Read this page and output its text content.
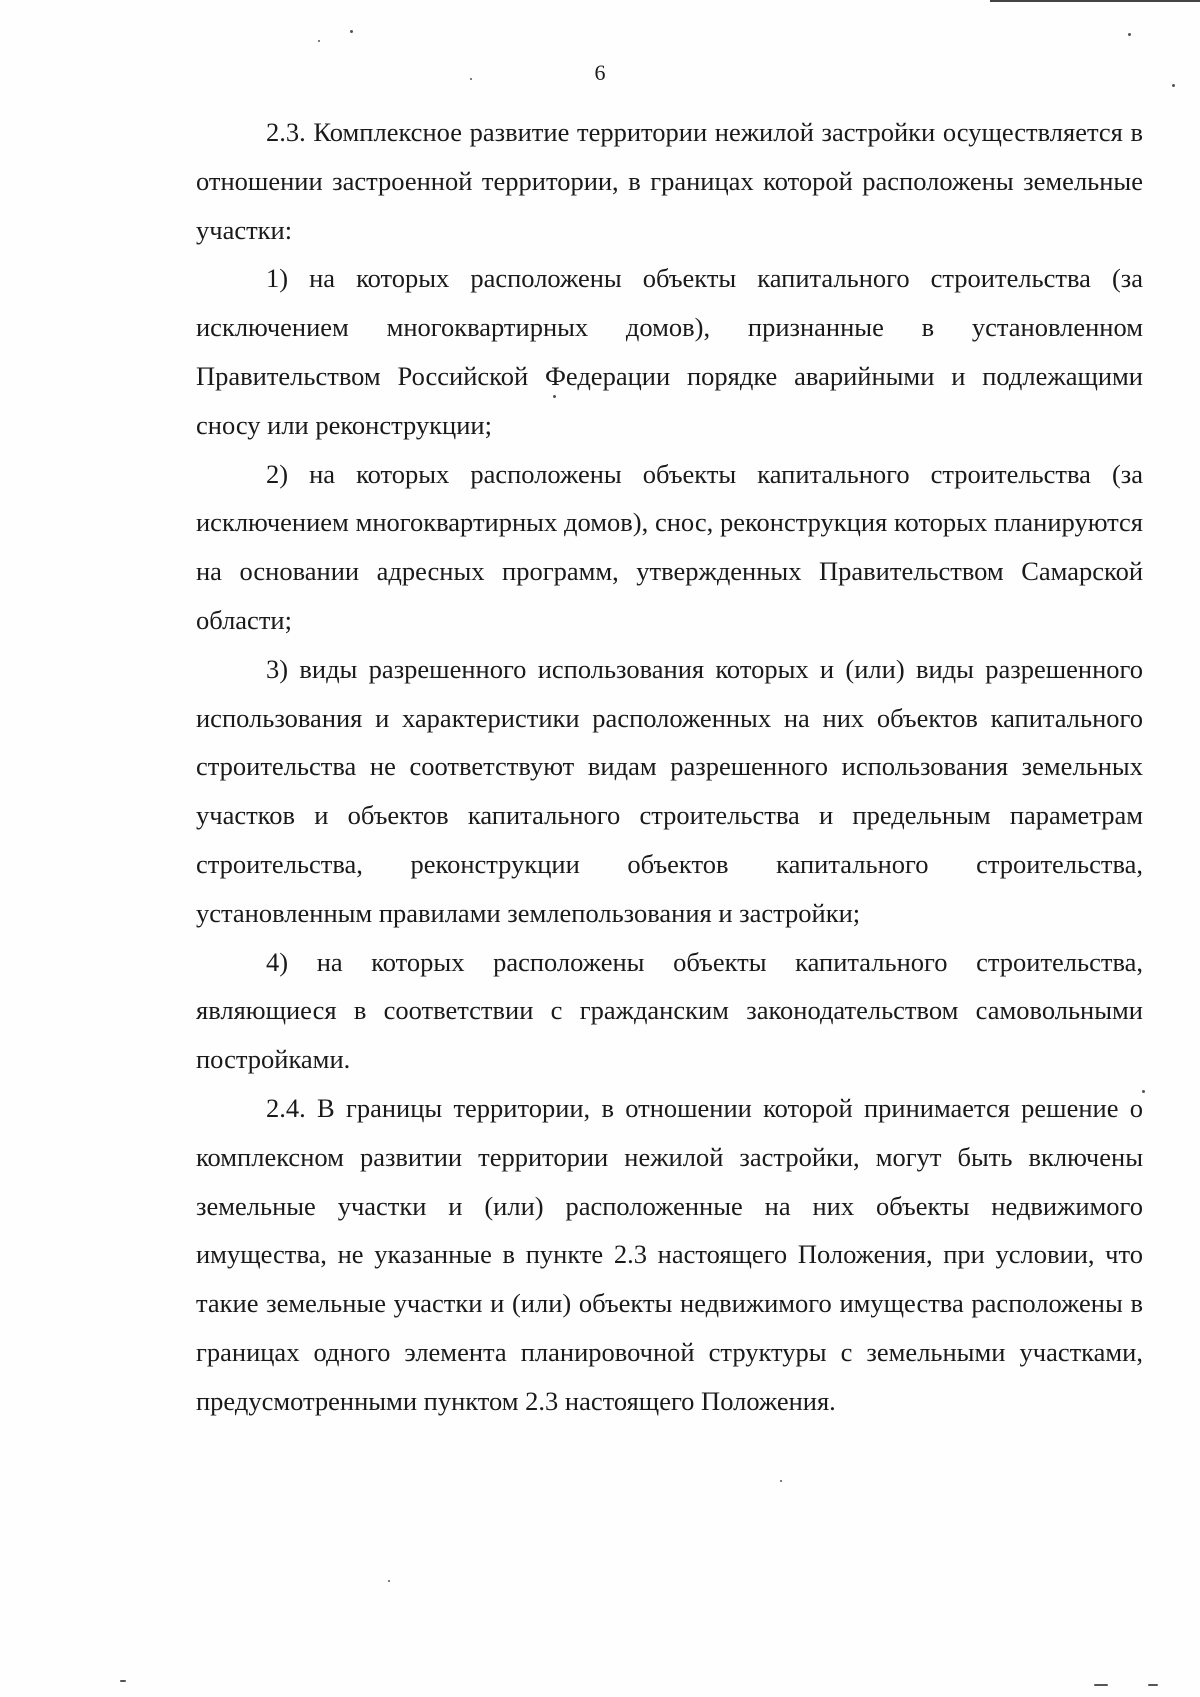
6

2.3. Комплексное развитие территории нежилой застройки осуществляется в отношении застроенной территории, в границах которой расположены земельные участки:

1) на которых расположены объекты капитального строительства (за исключением многоквартирных домов), признанные в установленном Правительством Российской Федерации порядке аварийными и подлежащими сносу или реконструкции;

2) на которых расположены объекты капитального строительства (за исключением многоквартирных домов), снос, реконструкция которых планируются на основании адресных программ, утвержденных Правительством Самарской области;

3) виды разрешенного использования которых и (или) виды разрешенного использования и характеристики расположенных на них объектов капитального строительства не соответствуют видам разрешенного использования земельных участков и объектов капитального строительства и предельным параметрам строительства, реконструкции объектов капитального строительства, установленным правилами землепользования и застройки;

4) на которых расположены объекты капитального строительства, являющиеся в соответствии с гражданским законодательством самовольными постройками.

2.4. В границы территории, в отношении которой принимается решение о комплексном развитии территории нежилой застройки, могут быть включены земельные участки и (или) расположенные на них объекты недвижимого имущества, не указанные в пункте 2.3 настоящего Положения, при условии, что такие земельные участки и (или) объекты недвижимого имущества расположены в границах одного элемента планировочной структуры с земельными участками, предусмотренными пунктом 2.3 настоящего Положения.
